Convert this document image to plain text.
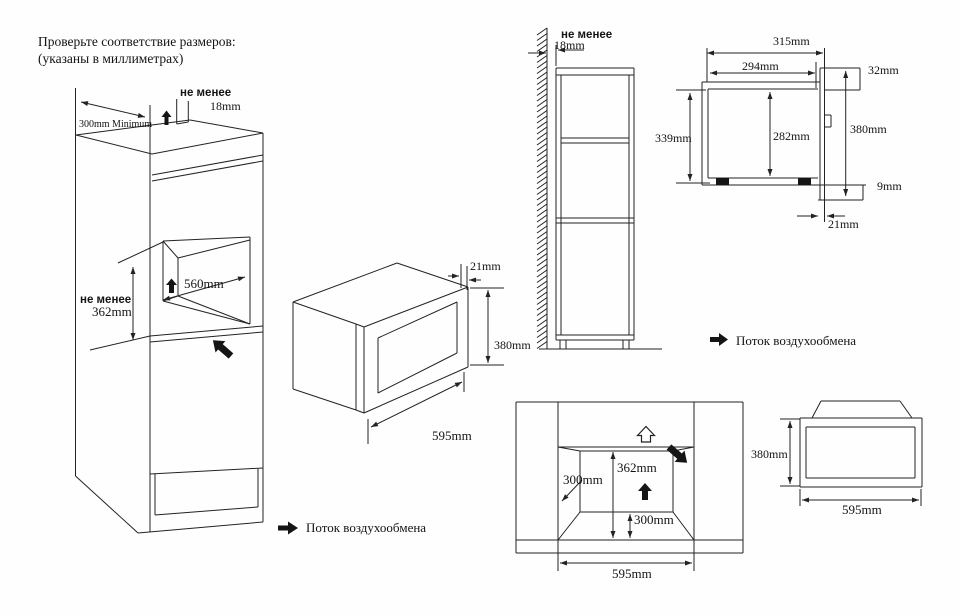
Проверьте соответствие размеров:
(указаны в миллиметрах)
не менее
18mm
300mm Minimum
не менее
362mm
560mm
21mm
380mm
595mm
не менее
18mm	315mm
294mm	32mm
339mm	282mm	380mm
9mm
21mm
Поток воздухообмена
Поток воздухообмена
362mm
300mm
300mm
595mm
380mm
595mm
